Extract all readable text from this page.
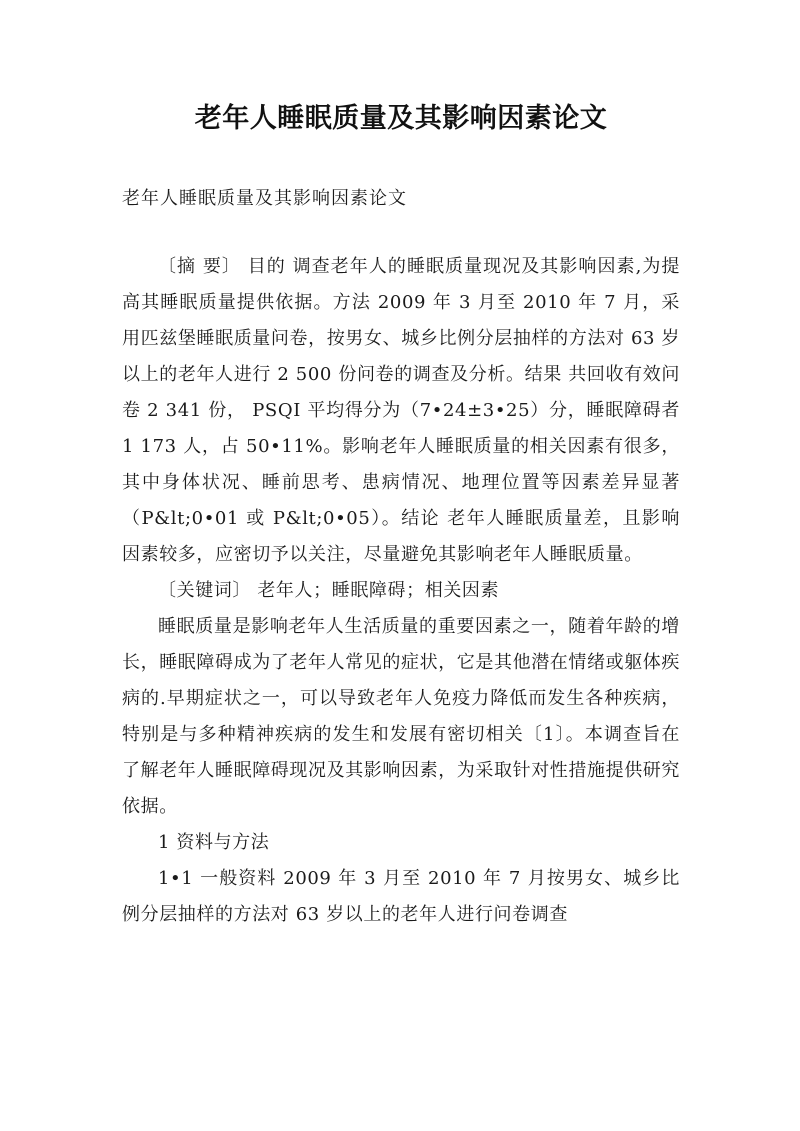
老年人睡眠质量及其影响因素论文
老年人睡眠质量及其影响因素论文

〔摘 要〕 目的 调查老年人的睡眠质量现况及其影响因素,为提高其睡眠质量提供依据。方法 2009 年 3 月至 2010 年 7 月，采用匹兹堡睡眠质量问卷，按男女、城乡比例分层抽样的方法对 63 岁以上的老年人进行 2 500 份问卷的调查及分析。结果 共回收有效问卷 2 341 份， PSQI 平均得分为（7•24±3•25）分，睡眠障碍者 1 173 人，占 50•11%。影响老年人睡眠质量的相关因素有很多，其中身体状况、睡前思考、患病情况、地理位置等因素差异显著（P&lt;0•01 或 P&lt;0•05）。结论 老年人睡眠质量差，且影响因素较多，应密切予以关注，尽量避免其影响老年人睡眠质量。

〔关键词〕 老年人；睡眠障碍；相关因素

睡眠质量是影响老年人生活质量的重要因素之一，随着年龄的增长，睡眠障碍成为了老年人常见的症状，它是其他潜在情绪或躯体疾病的.早期症状之一，可以导致老年人免疫力降低而发生各种疾病，特别是与多种精神疾病的发生和发展有密切相关〔1〕。本调查旨在了解老年人睡眠障碍现况及其影响因素，为采取针对性措施提供研究依据。

1 资料与方法

1•1 一般资料 2009 年 3 月至 2010 年 7 月按男女、城乡比例分层抽样的方法对 63 岁以上的老年人进行问卷调查
